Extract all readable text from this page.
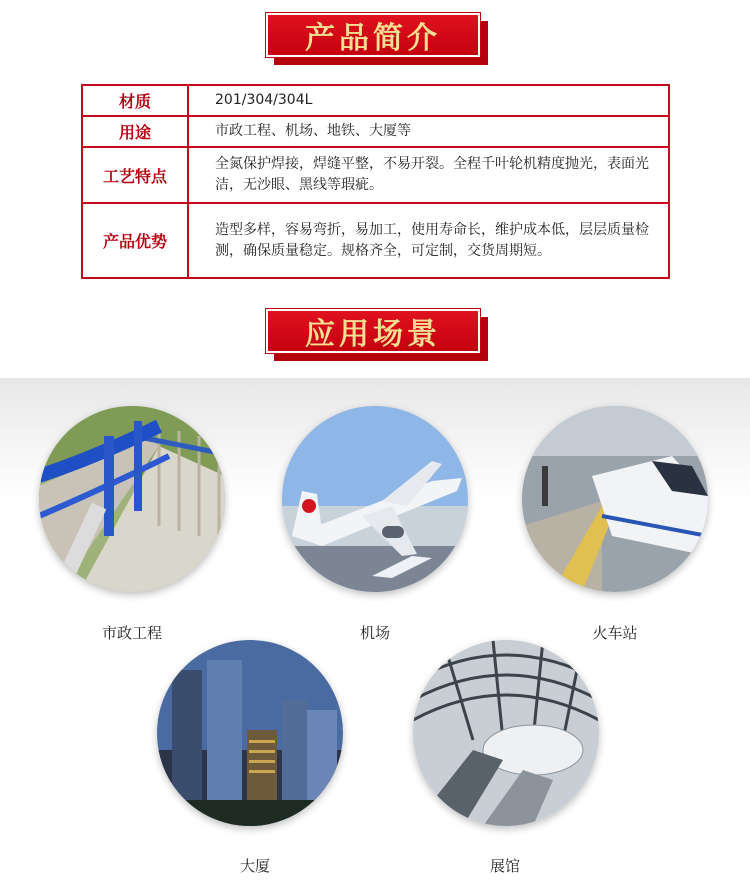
产品简介
材质	201/304/304L
用途	市政工程、机场、地铁、大厦等
工艺特点	全氮保护焊接，焊缝平整，不易开裂。全程千叶轮机精度抛光，表面光洁，无沙眼、黑线等瑕疵。
产品优势	造型多样，容易弯折，易加工，使用寿命长，维护成本低，层层质量检测，确保质量稳定。规格齐全，可定制，交货周期短。
应用场景
市政工程	机场	火车站
大厦	展馆
